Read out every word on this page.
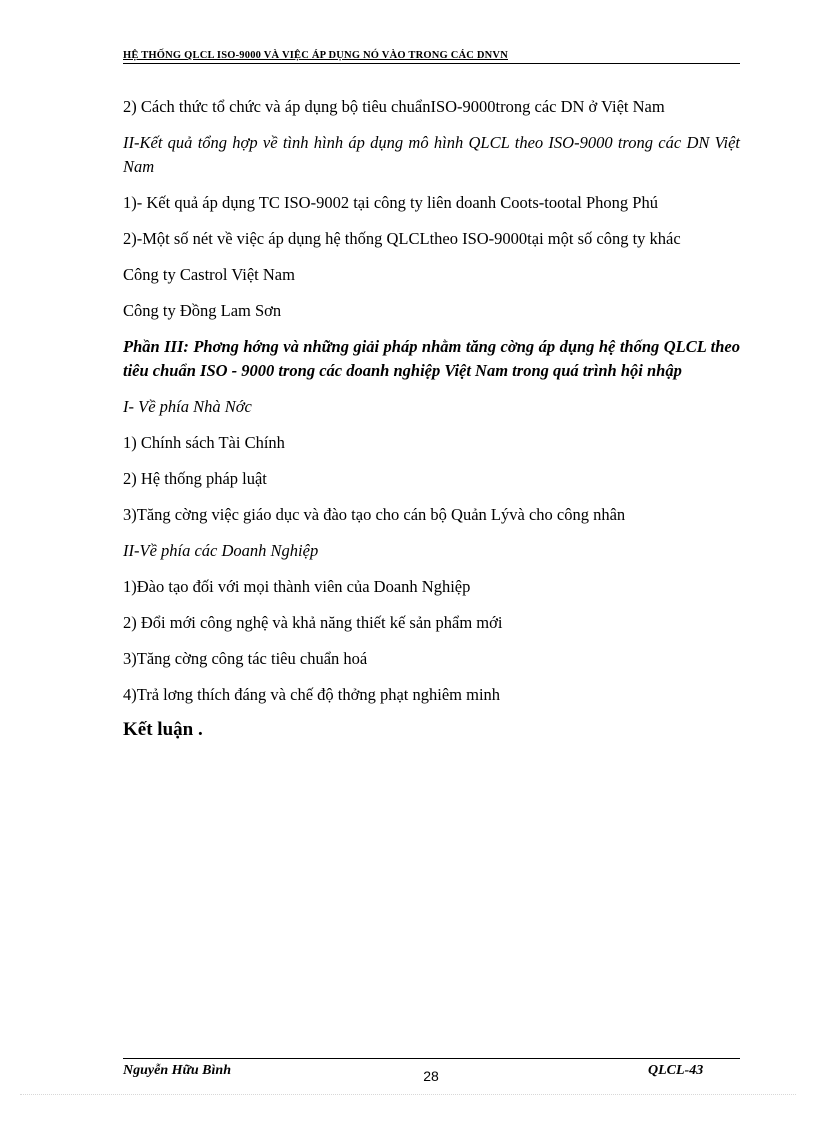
HỆ THỐNG QLCL ISO-9000 VÀ VIỆC ÁP DỤNG NÓ VÀO TRONG CÁC DNVN

2) Cách thức tổ chức và áp dụng bộ tiêu chuẩnISO-9000trong các DN ở Việt Nam

II-Kết quả tổng hợp về tình hình áp dụng mô hình QLCL theo ISO-9000 trong các DN Việt Nam

1)- Kết quả áp dụng TC ISO-9002 tại công ty liên doanh Coots-tootal Phong Phú

2)-Một số nét về việc áp dụng hệ thống QLCLtheo ISO-9000tại một số công ty khác

Công ty Castrol Việt Nam

Công ty Đồng Lam Sơn

Phần III: Phơng hớng và những giải pháp nhằm tăng cờng áp dụng hệ thống QLCL theo tiêu chuẩn ISO - 9000 trong các doanh nghiệp Việt Nam trong quá trình hội nhập

I- Về phía Nhà Nớc

1) Chính sách Tài Chính

2) Hệ thống pháp luật

3)Tăng cờng việc giáo dục và đào tạo cho cán bộ Quản Lývà cho công nhân

II-Về phía các Doanh Nghiệp

1)Đào tạo đối với mọi thành viên của Doanh Nghiệp

2) Đổi mới công nghệ và khả năng thiết kế sản phẩm mới

3)Tăng cờng công tác tiêu chuẩn hoá

4)Trả lơng thích đáng và chế độ thởng phạt nghiêm minh

Kết luận .
Nguyễn Hữu Bình	28	QLCL-43
